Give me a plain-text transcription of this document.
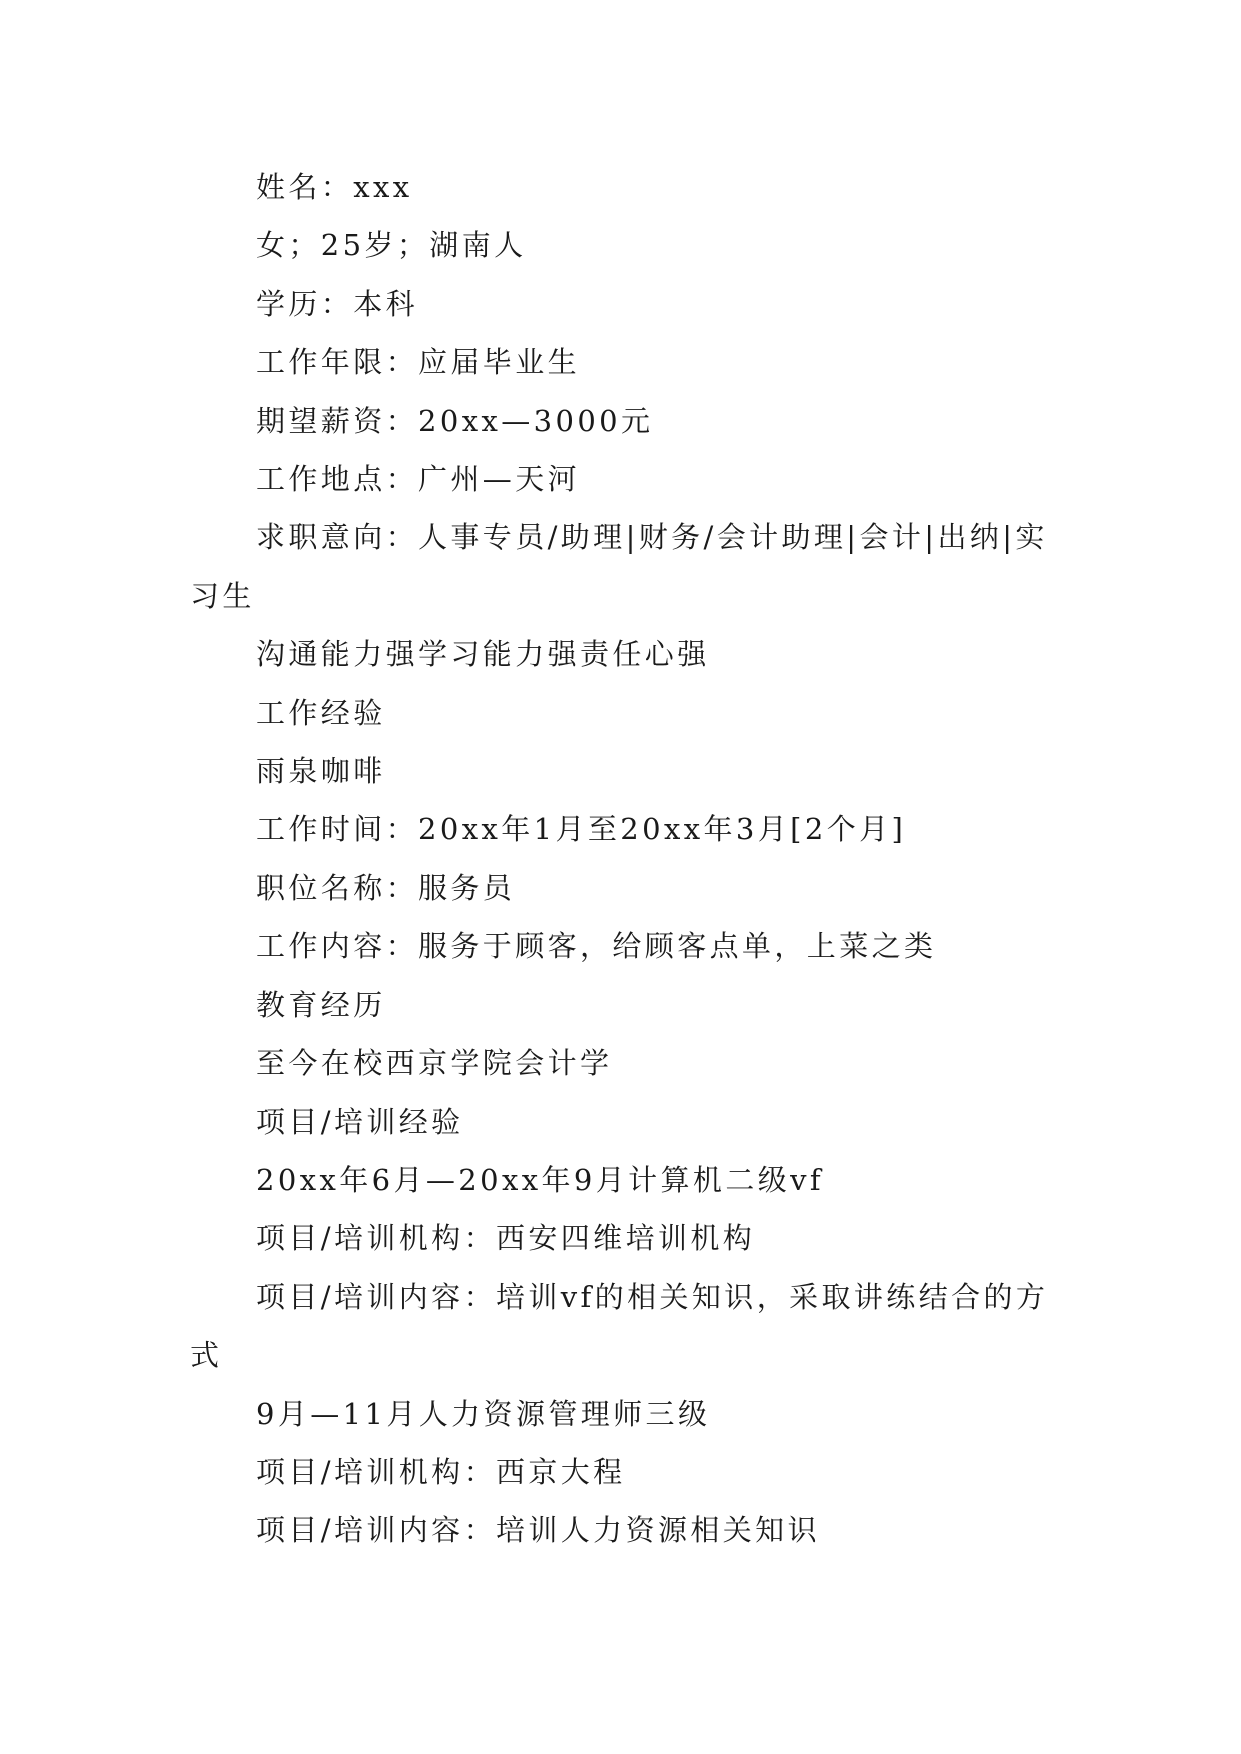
姓名：xxx

女；25岁；湖南人

学历：本科

工作年限：应届毕业生

期望薪资：20xx—3000元

工作地点：广州—天河

求职意向：人事专员/助理|财务/会计助理|会计|出纳|实习生

沟通能力强学习能力强责任心强

工作经验

雨泉咖啡

工作时间：20xx年1月至20xx年3月[2个月]

职位名称：服务员

工作内容：服务于顾客，给顾客点单，上菜之类

教育经历

至今在校西京学院会计学

项目/培训经验

20xx年6月—20xx年9月计算机二级vf

项目/培训机构：西安四维培训机构

项目/培训内容：培训vf的相关知识，采取讲练结合的方式

9月—11月人力资源管理师三级

项目/培训机构：西京大程

项目/培训内容：培训人力资源相关知识
